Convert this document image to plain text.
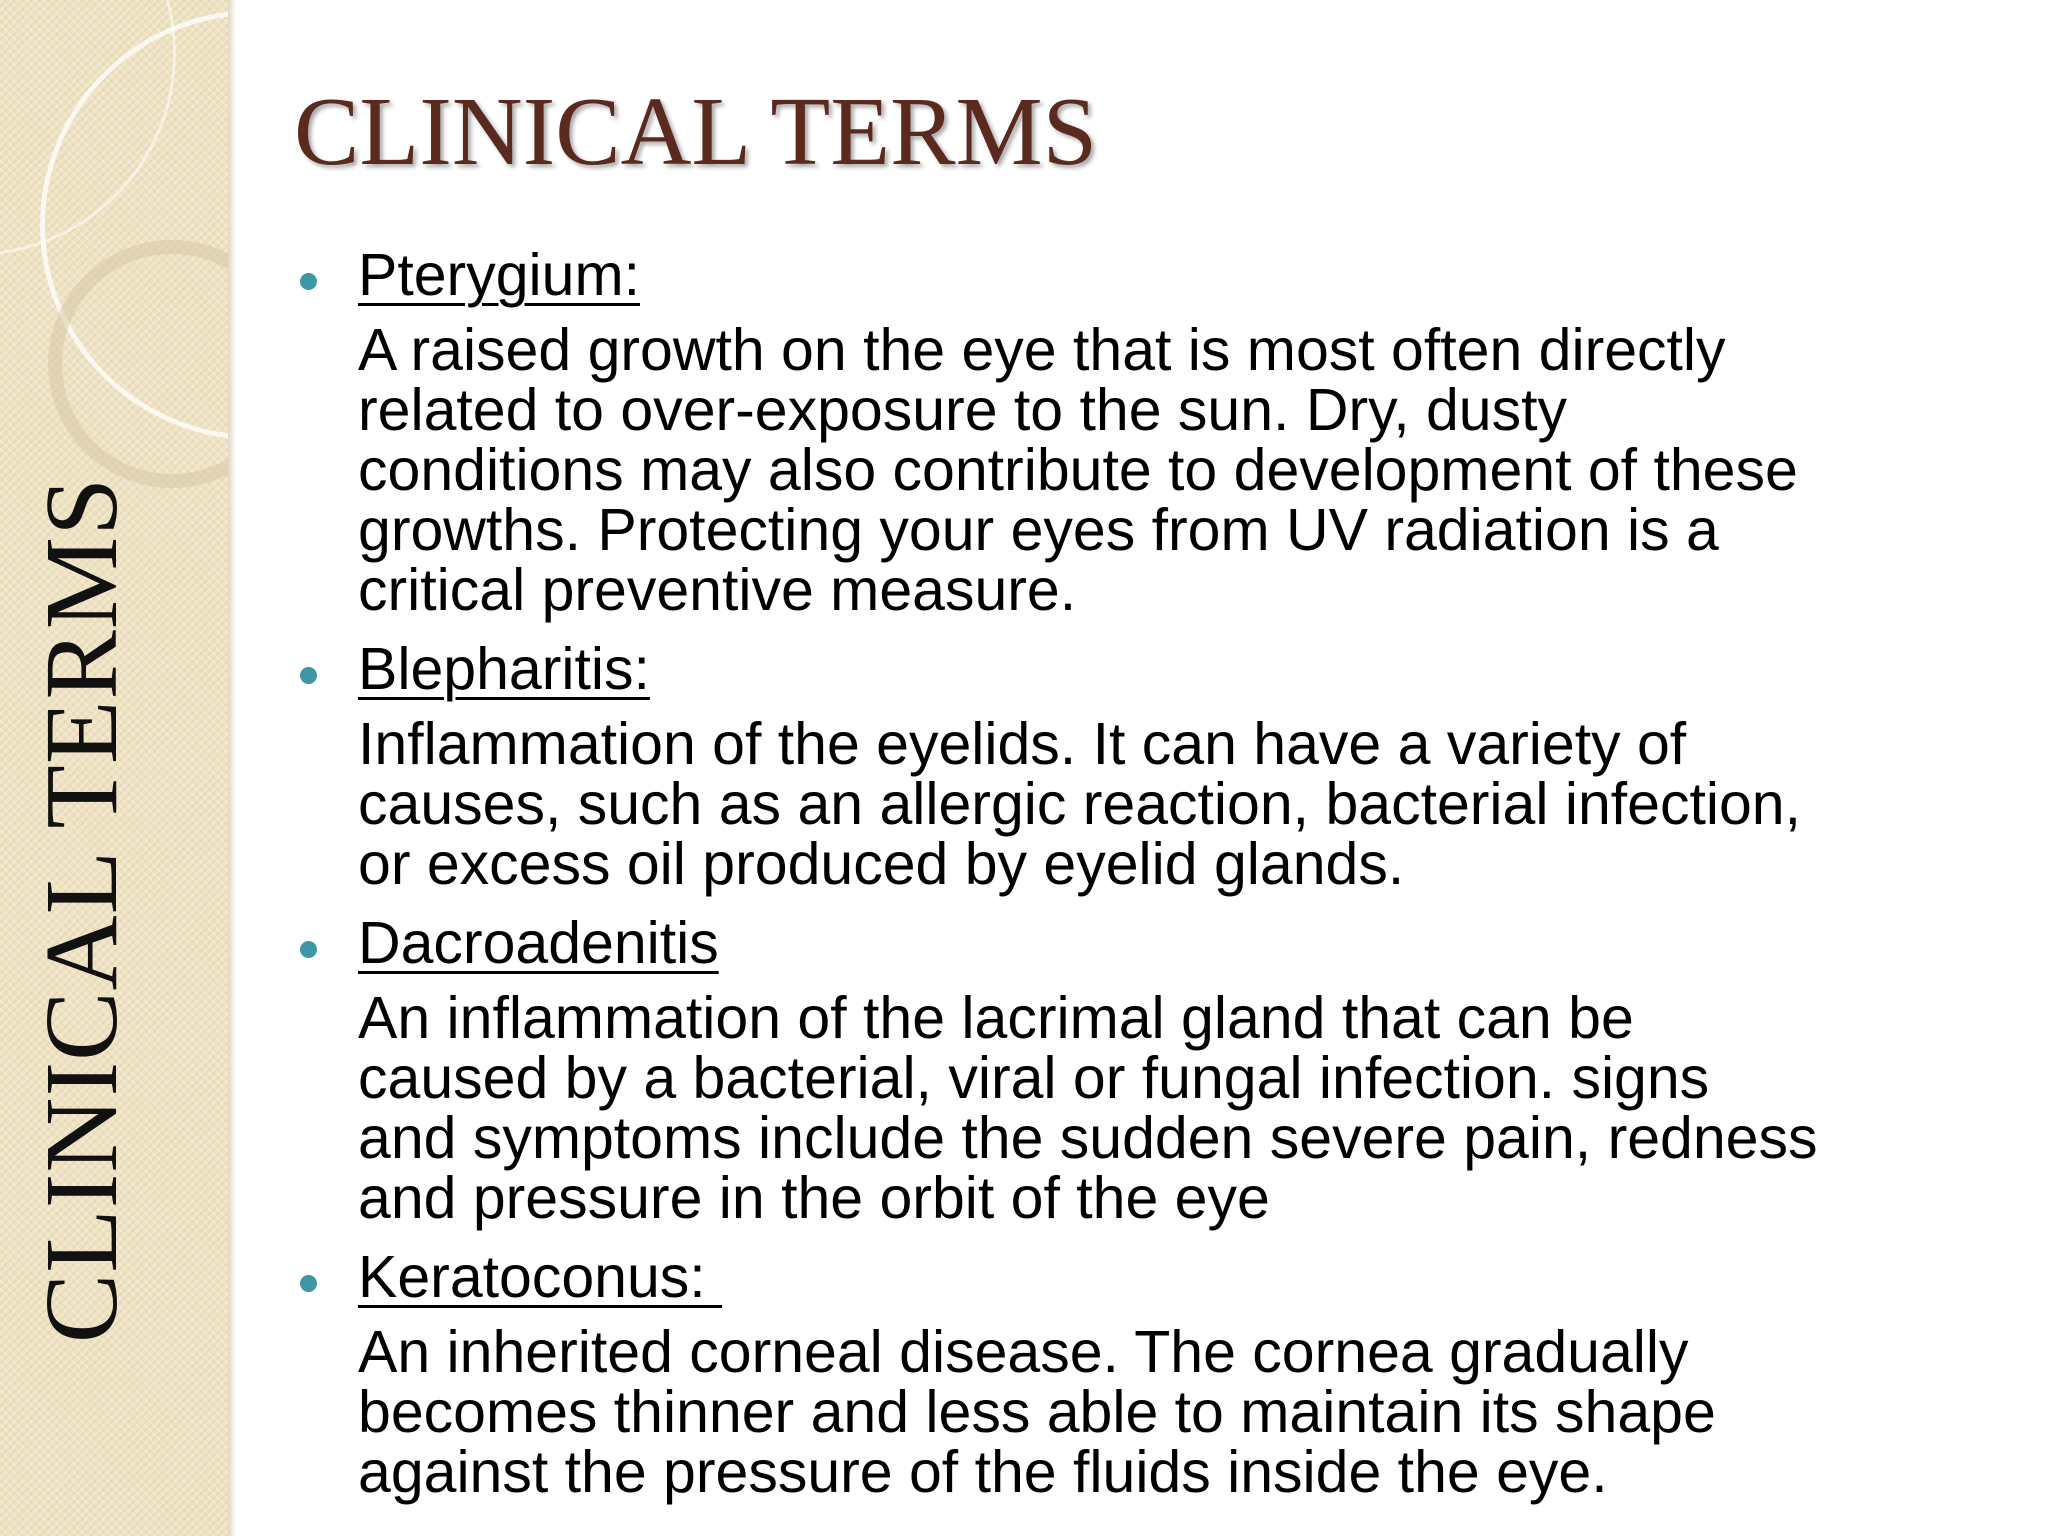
CLINICAL TERMS
CLINICAL TERMS
Pterygium:
A raised growth on the eye that is most often directly
related to over-exposure to the sun. Dry, dusty
conditions may also contribute to development of these
growths. Protecting your eyes from UV radiation is a
critical preventive measure.
Blepharitis:
Inflammation of the eyelids. It can have a variety of
causes, such as an allergic reaction, bacterial infection,
or excess oil produced by eyelid glands.
Dacroadenitis
An inflammation of the lacrimal gland that can be
caused by a bacterial, viral or fungal infection. signs
and symptoms include the sudden severe pain, redness
and pressure in the orbit of the eye
Keratoconus:
An inherited corneal disease. The cornea gradually
becomes thinner and less able to maintain its shape
against the pressure of the fluids inside the eye.
